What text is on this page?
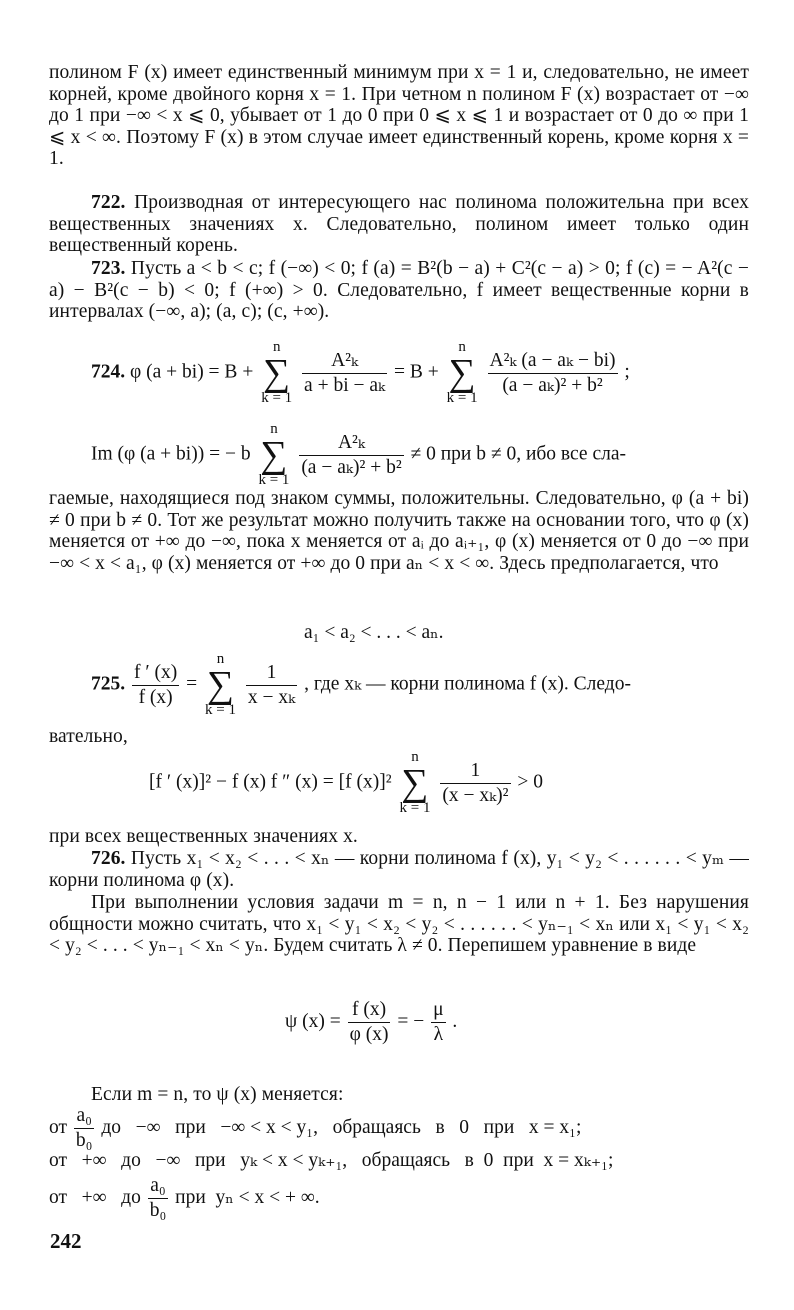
полином F (x) имеет единственный минимум при x = 1 и, следовательно, не имеет корней, кроме двойного корня x = 1. При четном n полином F (x) возрастает от −∞ до 1 при −∞ < x ⩽ 0, убывает от 1 до 0 при 0 ⩽ x ⩽ 1 и возрастает от 0 до ∞ при 1 ⩽ x < ∞. Поэтому F (x) в этом случае имеет единственный корень, кроме корня x = 1.

722. Производная от интересующего нас полинома положительна при всех вещественных значениях x. Следовательно, полином имеет только один вещественный корень.

723. Пусть a < b < c; f (−∞) < 0; f (a) = B²(b − a) + C²(c − a) > 0; f (c) = − A²(c − a) − B²(c − b) < 0; f (+∞) > 0. Следовательно, f имеет вещественные корни в интервалах (−∞, a); (a, c); (c, +∞).

724. φ (a + bi) = B + n
∑
k = 1
$\frac{\text{A²ₖ}}{\text{a + bi − aₖ}} = B + n$
∑
k = 1
$\frac{\text{A²ₖ (a − aₖ − bi)}}{\text{(a − aₖ)² + b²}}$ ;
Im (φ (a + bi)) = − b n
∑
k = 1
$\frac{\text{A²ₖ}}{\text{(a − aₖ)² + b²}} \ne 0$ при b ≠ 0, ибо все сла-

гаемые, находящиеся под знаком суммы, положительны. Следовательно, φ (a + bi) ≠ 0 при b ≠ 0. Тот же результат можно получить также на основании того, что φ (x) меняется от +∞ до −∞, пока x меняется от aᵢ до aᵢ₊₁, φ (x) меняется от 0 до −∞ при −∞ < x < a₁, φ (x) меняется от +∞ до 0 при aₙ < x < ∞. Здесь предполагается, что

a₁ < a₂ < . . . < aₙ.
725. $\frac{f ' (x)}{f (x)} = n$
∑
k = 1
$\frac{1}{\text{x − xₖ}}$ , где xₖ — корни полинома f (x). Следо-

вательно,

[f ′ (x)]² − f (x) f ″ (x) = [f (x)]² n
∑
k = 1
$\frac{1}{\text{(x − xₖ)²}} > 0$

при всех вещественных значениях x.

726. Пусть x₁ < x₂ < . . . < xₙ — корни полинома f (x), y₁ < y₂ < . . . . . . < yₘ — корни полинома φ (x).

При выполнении условия задачи m = n, n − 1 или n + 1. Без нарушения общности можно считать, что x₁ < y₁ < x₂ < y₂ < . . . . . . < yₙ₋₁ < xₙ или x₁ < y₁ < x₂ < y₂ < . . . < yₙ₋₁ < xₙ < yₙ. Будем считать λ ≠ 0. Перепишем уравнение в виде

ψ $(x) = \frac{f (x)}{\varphi (x)}$ = − $\frac{\mu}{\lambda}$ .

Если m = n, то ψ (x) меняется:

от $\frac{\text{a₀}}{\text{b₀}}$ до   −∞   при   −∞ < x < y₁,   обращаясь   в   0   при   x = x₁;
от   +∞   до   −∞   при   yₖ < x < yₖ₊₁,   обращаясь   в  0  при  x = xₖ₊₁;
от   +∞   до $\frac{\text{a₀}}{\text{b₀}}$ при  yₙ < x < + ∞.
242
